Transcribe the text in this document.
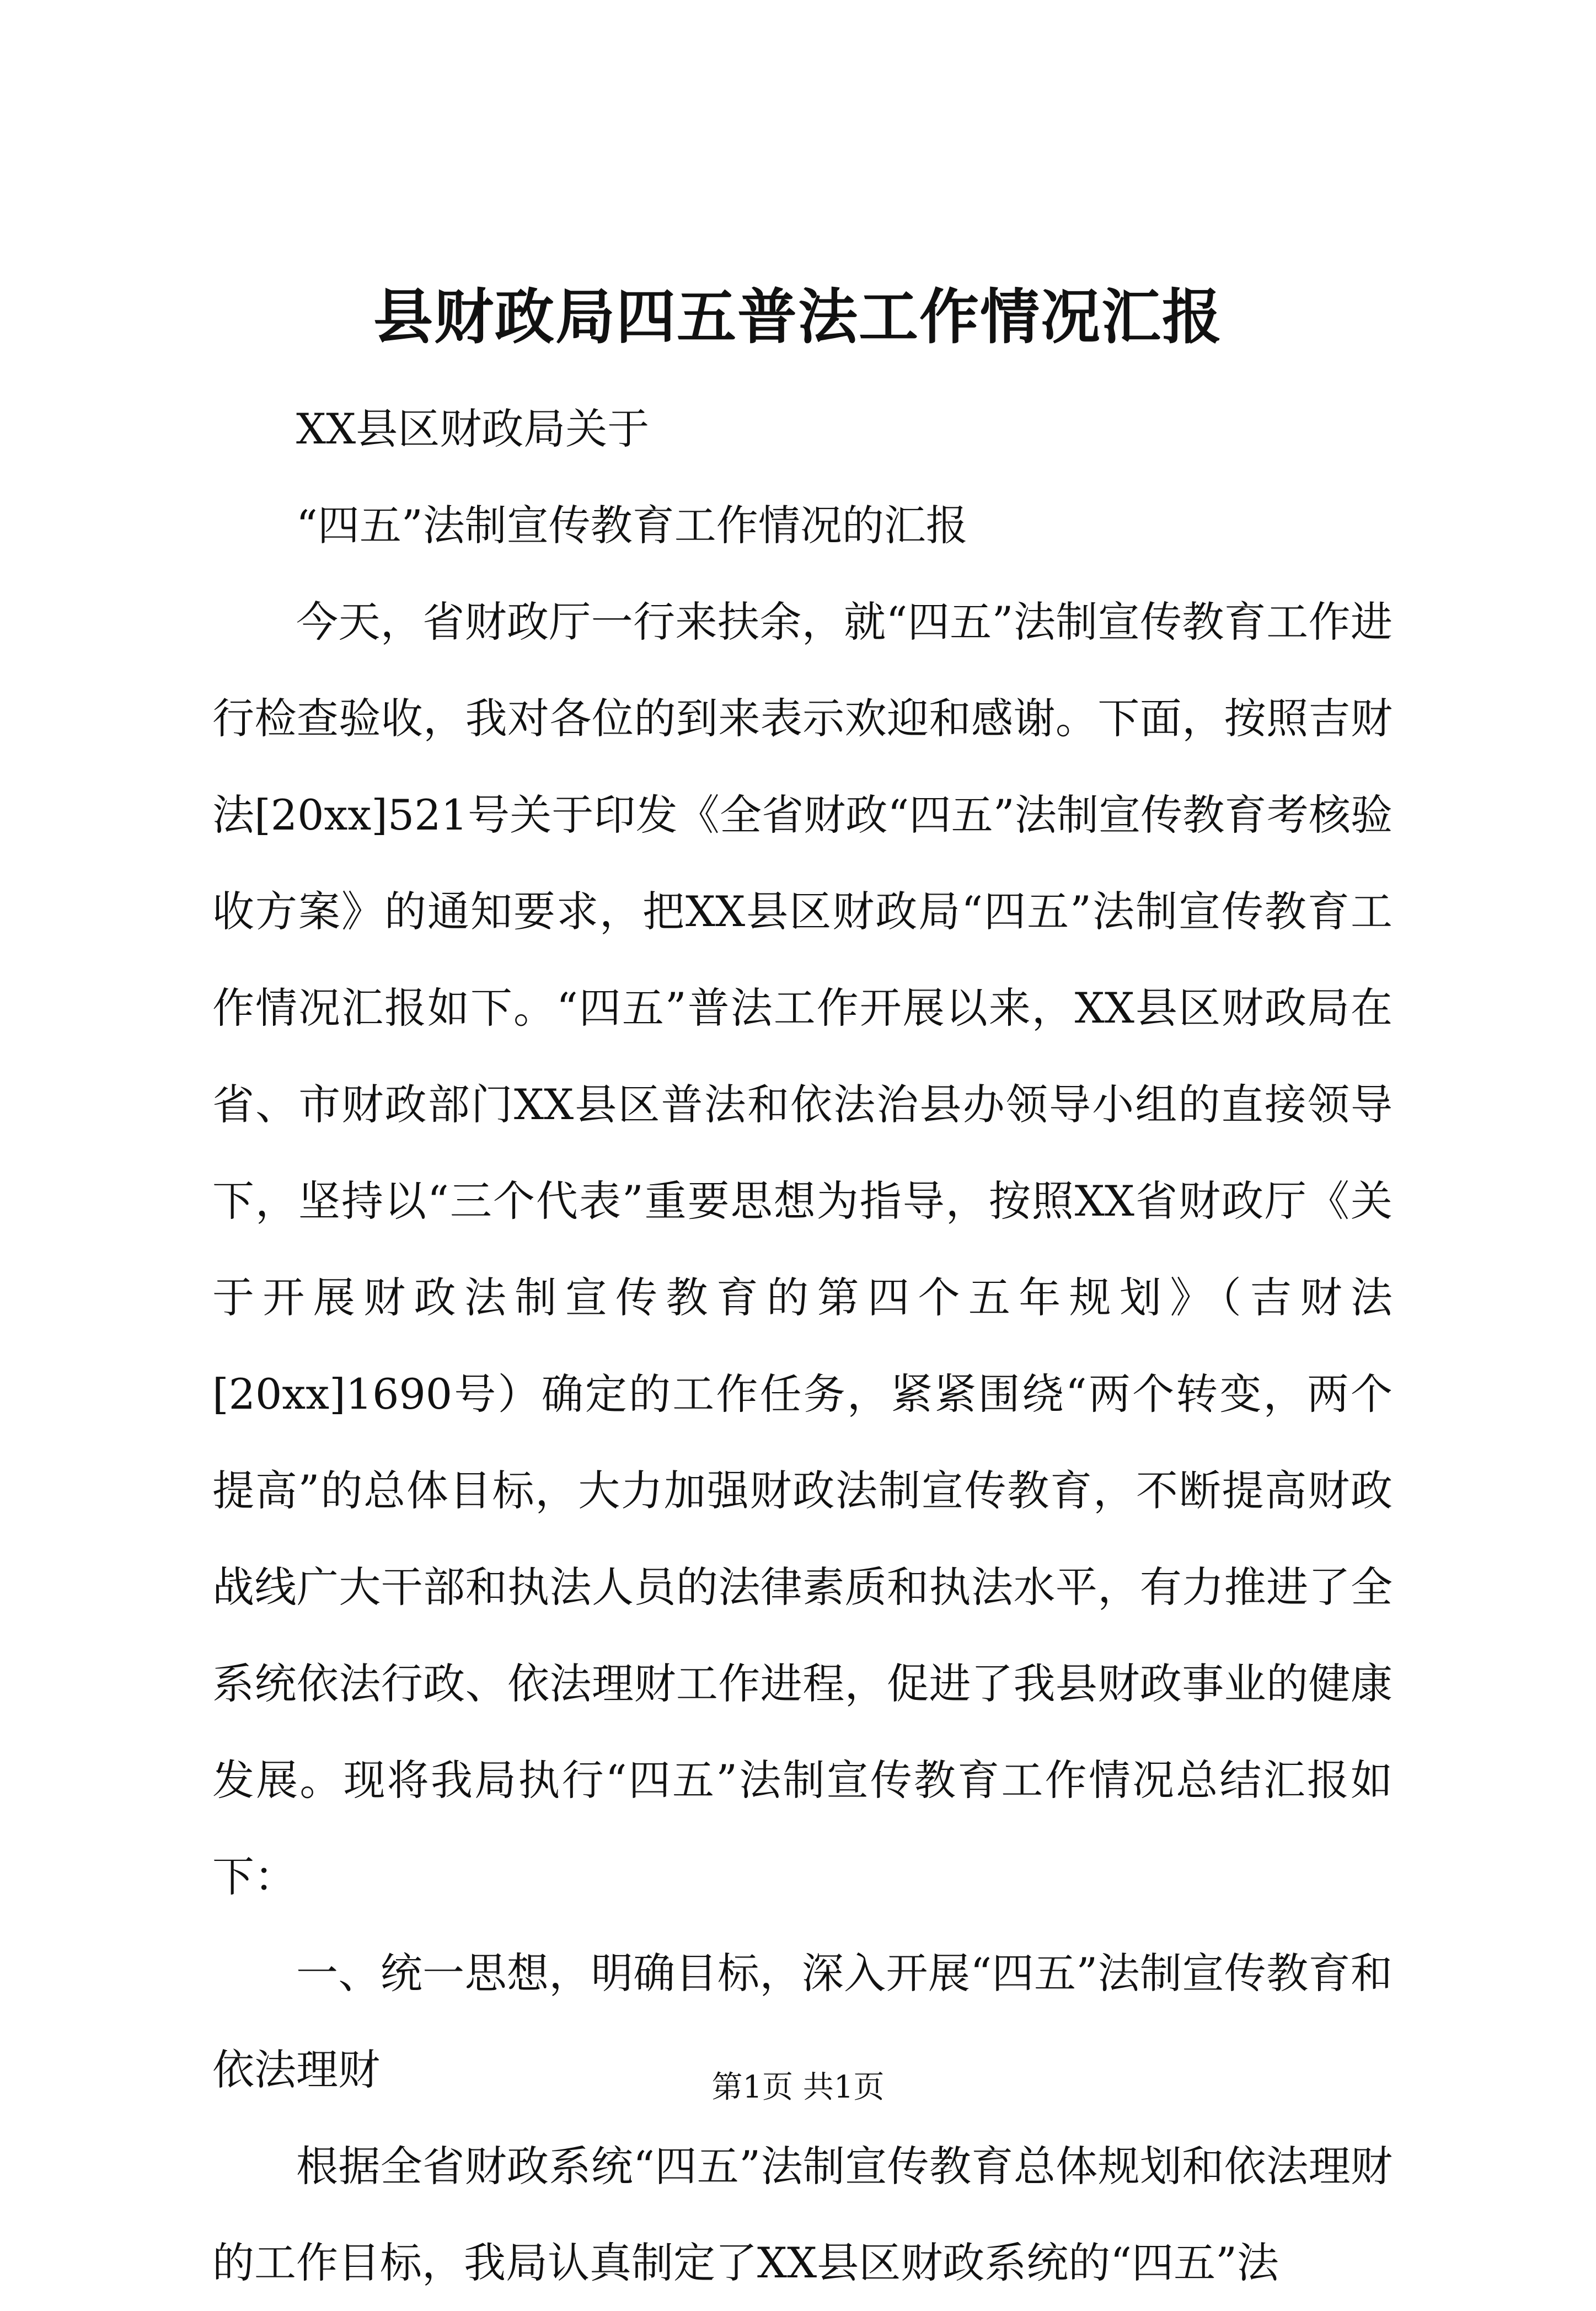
县财政局四五普法工作情况汇报

XX县区财政局关于

“四五”法制宣传教育工作情况的汇报

今天，省财政厅一行来扶余，就“四五”法制宣传教育工作进行检查验收，我对各位的到来表示欢迎和感谢。下面，按照吉财法[20xx]521号关于印发《全省财政“四五”法制宣传教育考核验收方案》的通知要求，把XX县区财政局“四五”法制宣传教育工作情况汇报如下。“四五”普法工作开展以来，XX县区财政局在省、市财政部门XX县区普法和依法治县办领导小组的直接领导下，坚持以“三个代表”重要思想为指导，按照XX省财政厅《关于开展财政法制宣传教育的第四个五年规划》（吉财法[20xx]1690号）确定的工作任务，紧紧围绕“两个转变，两个提高”的总体目标，大力加强财政法制宣传教育，不断提高财政战线广大干部和执法人员的法律素质和执法水平，有力推进了全系统依法行政、依法理财工作进程，促进了我县财政事业的健康发展。现将我局执行“四五”法制宣传教育工作情况总结汇报如下：

一、统一思想，明确目标，深入开展“四五”法制宣传教育和依法理财

根据全省财政系统“四五”法制宣传教育总体规划和依法理财的工作目标，我局认真制定了XX县区财政系统的“四五”法

第1页 共1页
